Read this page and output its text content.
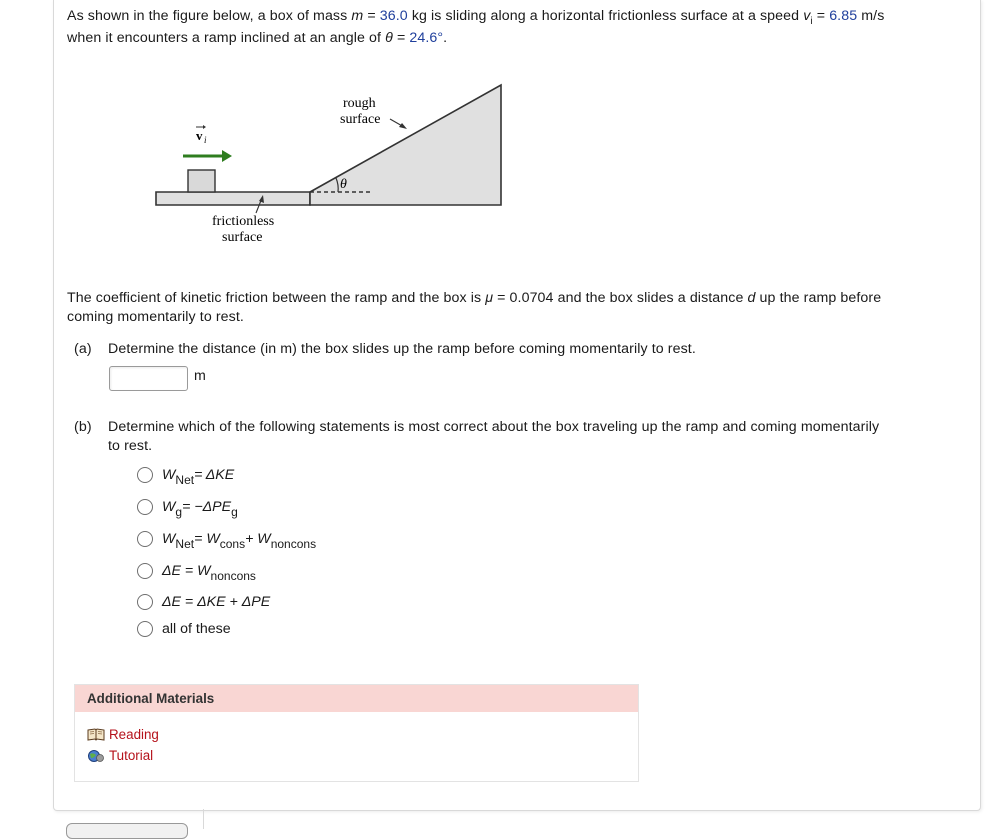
As shown in the figure below, a box of mass m = 36.0 kg is sliding along a horizontal frictionless surface at a speed $v_i = 6.85$ m/s
when it encounters a ramp inclined at an angle of θ = 24.6°.
θ
v i
rough
surface
frictionless
surface
The coefficient of kinetic friction between the ramp and the box is μ = 0.0704 and the box slides a distance d up the ramp before
coming momentarily to rest.
(a) Determine the distance (in m) the box slides up the ramp before coming momentarily to rest.
m
(b) Determine which of the following statements is most correct about the box traveling up the ramp and coming momentarily
to rest.
W Net = ΔKE
W g = −ΔPE g
W Net = W cons + W noncons
ΔE = W noncons
ΔE = ΔKE + ΔPE
all of these
Additional Materials
Reading
Tutorial
